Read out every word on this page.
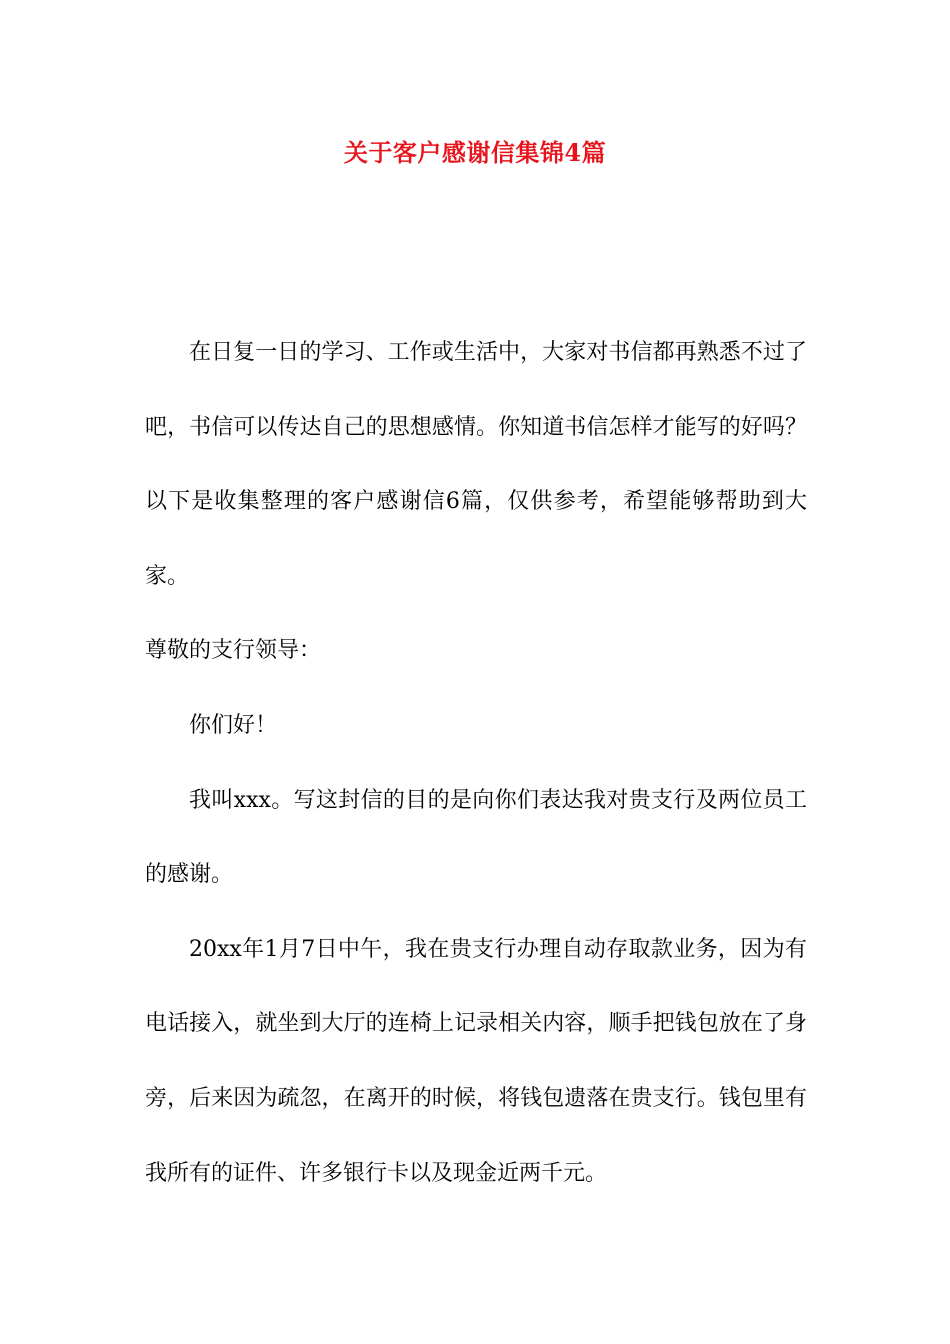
关于客户感谢信集锦4篇

在日复一日的学习、工作或生活中，大家对书信都再熟悉不过了吧，书信可以传达自己的思想感情。你知道书信怎样才能写的好吗？以下是收集整理的客户感谢信6篇，仅供参考，希望能够帮助到大家。

尊敬的支行领导：

你们好！

我叫xxx。写这封信的目的是向你们表达我对贵支行及两位员工的感谢。

20xx年1月7日中午，我在贵支行办理自动存取款业务，因为有电话接入，就坐到大厅的连椅上记录相关内容，顺手把钱包放在了身旁，后来因为疏忽，在离开的时候，将钱包遗落在贵支行。钱包里有我所有的证件、许多银行卡以及现金近两千元。
